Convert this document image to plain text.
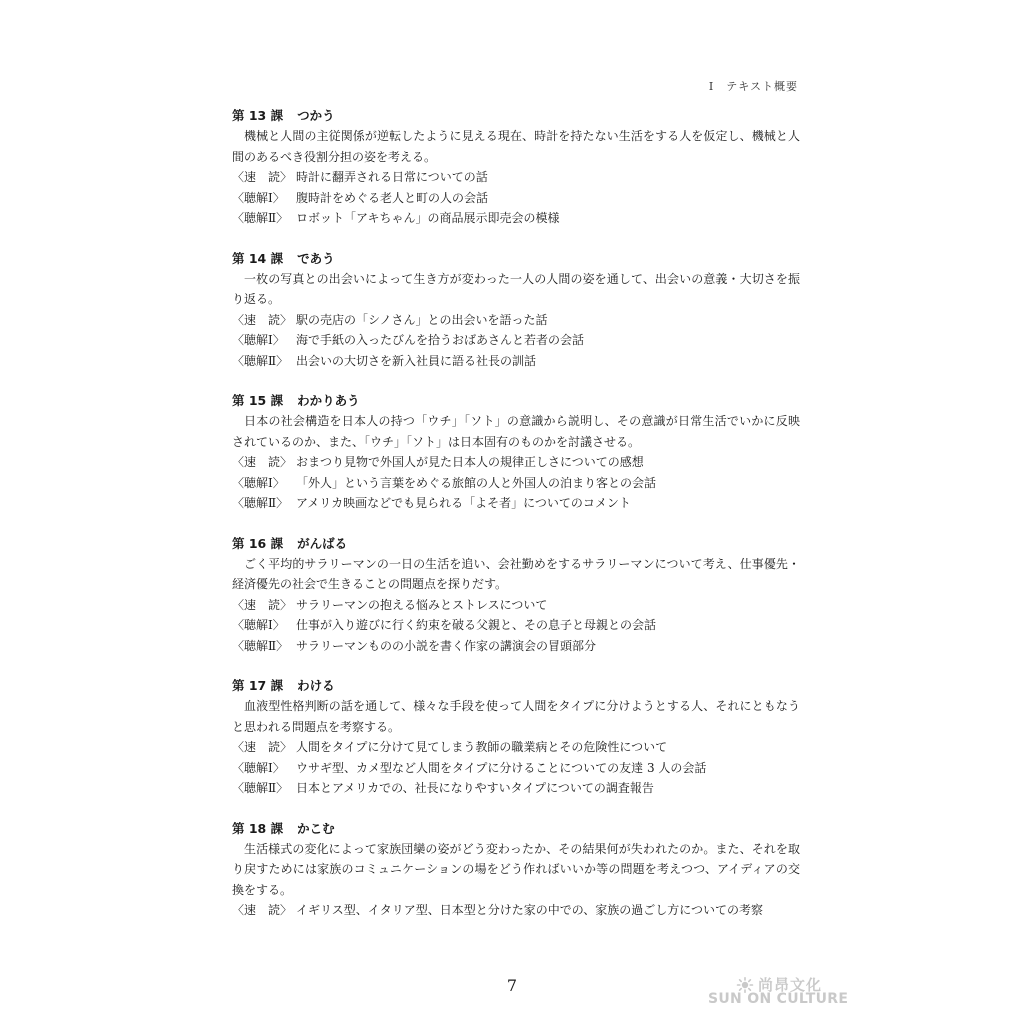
Ⅰ　テキスト概要
第 13 課 つかう

機械と人間の主従関係が逆転したように見える現在、時計を持たない生活をする人を仮定し、機械と人間のあるべき役割分担の姿を考える。

〈速　読〉 時計に翻弄される日常についての話
〈聴解Ⅰ〉 腹時計をめぐる老人と町の人の会話
〈聴解Ⅱ〉 ロボット「アキちゃん」の商品展示即売会の模様
第 14 課 であう

一枚の写真との出会いによって生き方が変わった一人の人間の姿を通して、出会いの意義・大切さを振り返る。

〈速　読〉 駅の売店の「シノさん」との出会いを語った話
〈聴解Ⅰ〉 海で手紙の入ったびんを拾うおばあさんと若者の会話
〈聴解Ⅱ〉 出会いの大切さを新入社員に語る社長の訓話
第 15 課 わかりあう

日本の社会構造を日本人の持つ「ウチ」「ソト」の意識から説明し、その意識が日常生活でいかに反映されているのか、また、「ウチ」「ソト」は日本固有のものかを討議させる。

〈速　読〉 おまつり見物で外国人が見た日本人の規律正しさについての感想
〈聴解Ⅰ〉 「外人」という言葉をめぐる旅館の人と外国人の泊まり客との会話
〈聴解Ⅱ〉 アメリカ映画などでも見られる「よそ者」についてのコメント
第 16 課 がんばる

ごく平均的サラリーマンの一日の生活を追い、会社勤めをするサラリーマンについて考え、仕事優先・経済優先の社会で生きることの問題点を探りだす。

〈速　読〉 サラリーマンの抱える悩みとストレスについて
〈聴解Ⅰ〉 仕事が入り遊びに行く約束を破る父親と、その息子と母親との会話
〈聴解Ⅱ〉 サラリーマンものの小説を書く作家の講演会の冒頭部分
第 17 課 わける

血液型性格判断の話を通して、様々な手段を使って人間をタイプに分けようとする人、それにともなうと思われる問題点を考察する。

〈速　読〉 人間をタイプに分けて見てしまう教師の職業病とその危険性について
〈聴解Ⅰ〉 ウサギ型、カメ型など人間をタイプに分けることについての友達 3 人の会話
〈聴解Ⅱ〉 日本とアメリカでの、社長になりやすいタイプについての調査報告
第 18 課 かこむ

生活様式の変化によって家族団欒の姿がどう変わったか、その結果何が失われたのか。また、それを取り戻すためには家族のコミュニケーションの場をどう作ればいいか等の問題を考えつつ、アイディアの交換をする。

〈速　読〉 イギリス型、イタリア型、日本型と分けた家の中での、家族の過ごし方についての考察
7	尚昂文化
SUN ON CULTURE
